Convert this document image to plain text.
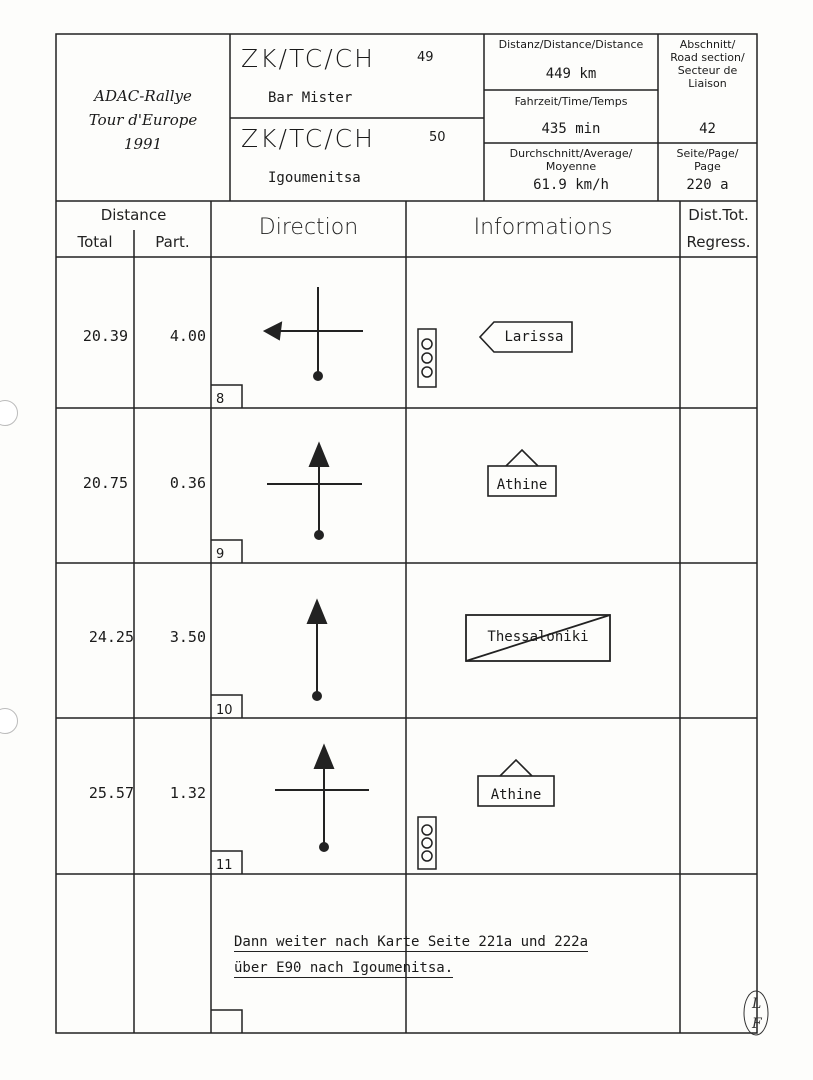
ADAC-Rallye
Tour d'Europe
1991
ZK/TC/CH	49
Bar Mister
ZK/TC/CH	50
Igoumenitsa
Distanz/Distance/Distance
449 km
Fahrzeit/Time/Temps
435 min
Durchschnitt/Average/
Moyenne
61.9 km/h
Abschnitt/
Road section/
Secteur de
Liaison
42
Seite/Page/
Page
220 a
Distance
Total	Part.
Direction	Informations	Dist.Tot.
Regress.
20.39	4.00
8
Larissa
20.75	0.36
9
Athine
24.25	3.50
10
Thessaloniki
25.57	1.32
11
Athine
Dann weiter nach Karte Seite 221a und 222a
über E90 nach Igoumenitsa.
L
F
